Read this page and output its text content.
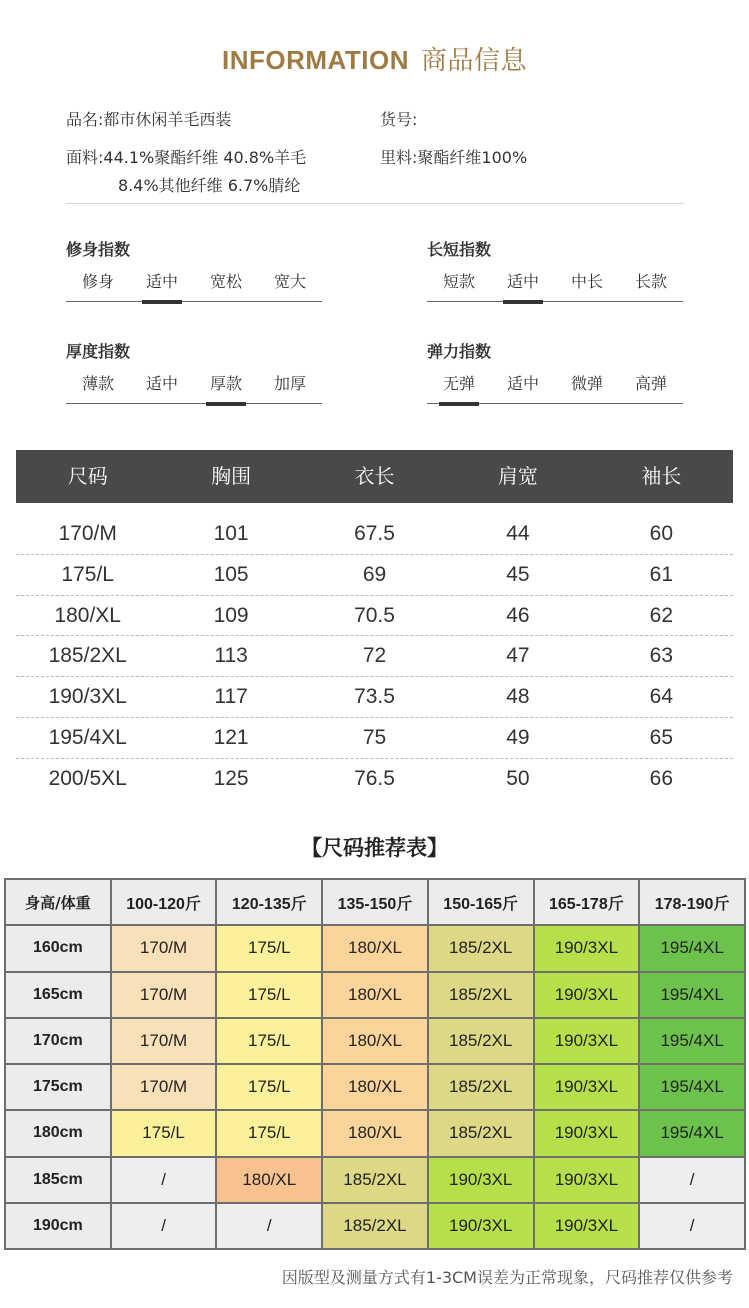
INFORMATION 商品信息
品名:都市休闲羊毛西装	货号:
面料:44.1%聚酯纤维 40.8%羊毛
8.4%其他纤维 6.7%腈纶
里料:聚酯纤维100%
修身指数
修身	适中	宽松	宽大
长短指数
短款	适中	中长	长款
厚度指数
薄款	适中	厚款	加厚
弹力指数
无弹	适中	微弹	高弹
尺码	胸围	衣长	肩宽	袖长
170/M	101	67.5	44	60
175/L	105	69	45	61
180/XL	109	70.5	46	62
185/2XL	113	72	47	63
190/3XL	117	73.5	48	64
195/4XL	121	75	49	65
200/5XL	125	76.5	50	66
【尺码推荐表】
身高/体重	100-120斤	120-135斤	135-150斤	150-165斤	165-178斤	178-190斤
160cm	170/M	175/L	180/XL	185/2XL	190/3XL	195/4XL
165cm	170/M	175/L	180/XL	185/2XL	190/3XL	195/4XL
170cm	170/M	175/L	180/XL	185/2XL	190/3XL	195/4XL
175cm	170/M	175/L	180/XL	185/2XL	190/3XL	195/4XL
180cm	175/L	175/L	180/XL	185/2XL	190/3XL	195/4XL
185cm	/	180/XL	185/2XL	190/3XL	190/3XL	/
190cm	/	/	185/2XL	190/3XL	190/3XL	/
因版型及测量方式有1-3CM误差为正常现象，尺码推荐仅供参考
